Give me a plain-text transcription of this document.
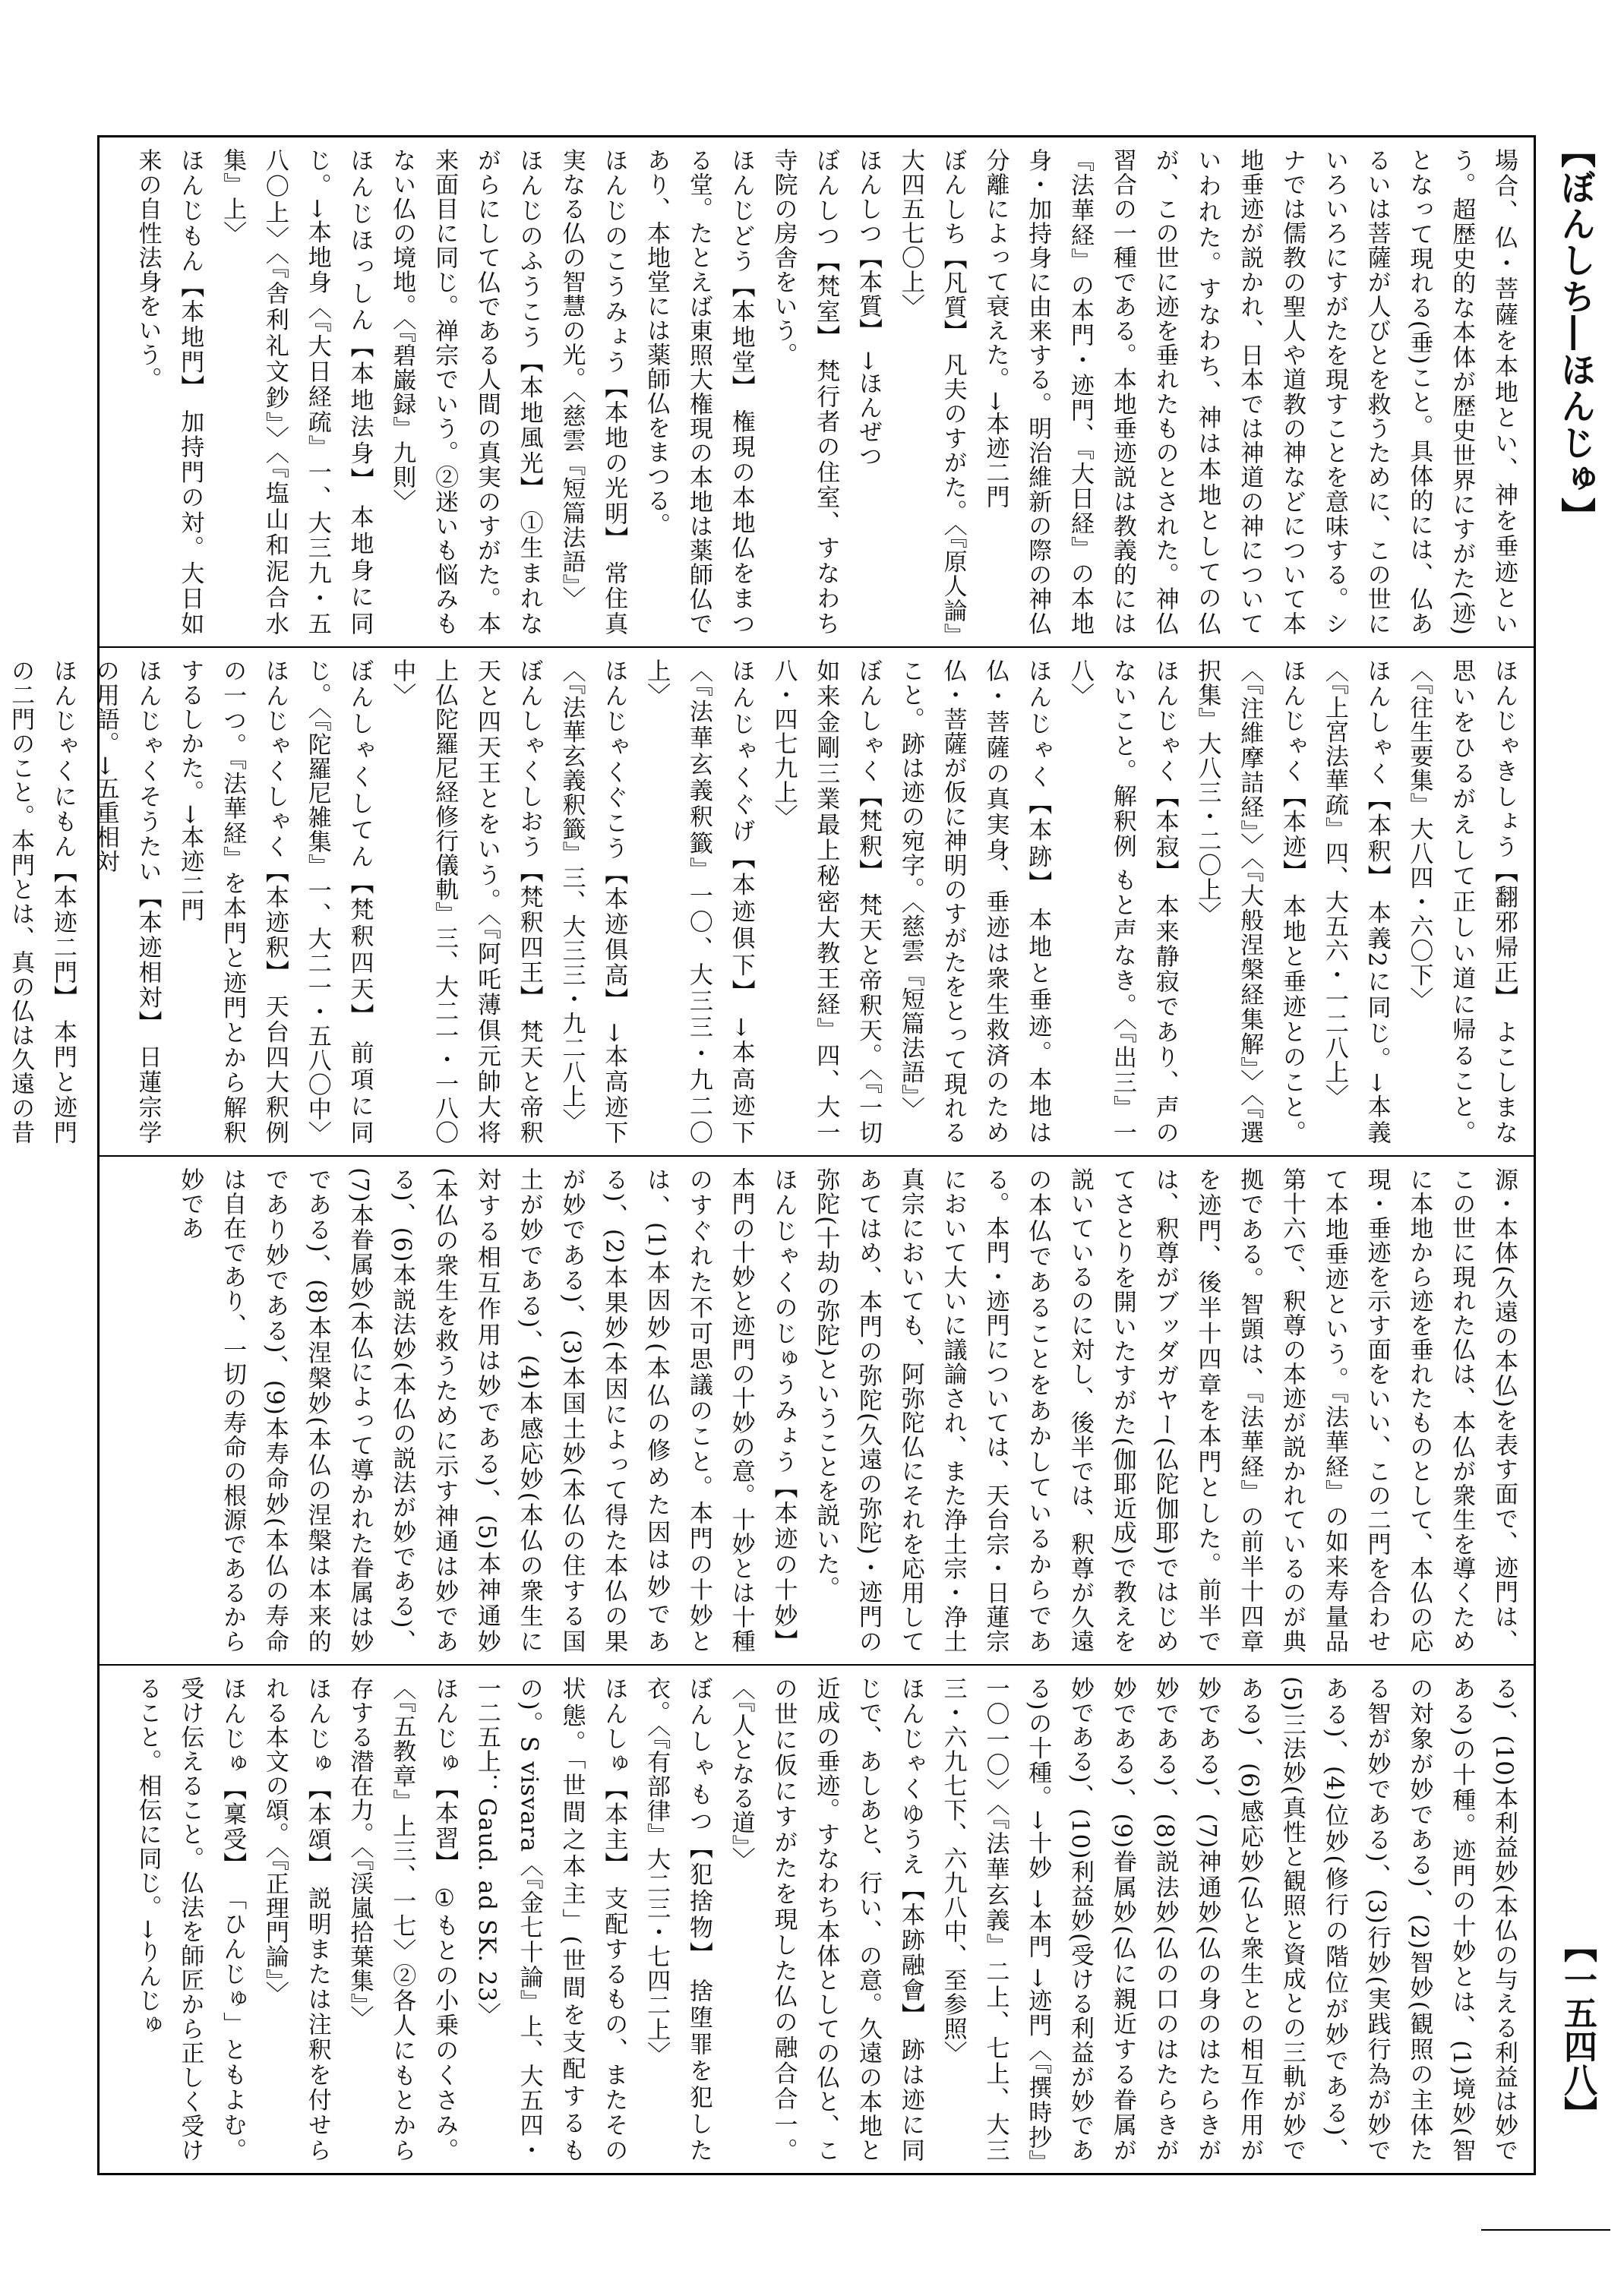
【ぼんしち―ほんじゅ】
【一五四八】
場合、仏・菩薩を本地とい、神を垂迹という。超歴史的な本体が歴史世界にすがた(迹)となって現れる(垂)こと。具体的には、仏あるいは菩薩が人びとを救うために、この世にいろいろにすがたを現すことを意味する。シナでは儒教の聖人や道教の神などについて本地垂迹が説かれ、日本では神道の神についていわれた。すなわち、神は本地としての仏が、この世に迹を垂れたものとされた。神仏習合の一種である。本地垂迹説は教義的には『法華経』の本門・迹門、『大日経』の本地身・加持身に由来する。明治維新の際の神仏分離によって衰えた。→本迹二門
ぼんしち【凡質】 凡夫のすがた。〈『原人論』大四五七〇上〉
ほんしつ【本質】 →ほんぜつ
ぼんしつ【梵室】 梵行者の住室、すなわち寺院の房舎をいう。
ほんじどう【本地堂】 権現の本地仏をまつる堂。たとえば東照大権現の本地は薬師仏であり、本地堂には薬師仏をまつる。
ほんじのこうみょう【本地の光明】 常住真実なる仏の智慧の光。〈慈雲『短篇法語』〉
ほんじのふうこう【本地風光】 ①生まれながらにして仏である人間の真実のすがた。本来面目に同じ。禅宗でいう。②迷いも悩みもない仏の境地。〈『碧巌録』九則〉
ほんじほっしん【本地法身】 本地身に同じ。→本地身〈『大日経疏』一、大三九・五八〇上〉〈『舎利礼文鈔』〉〈『塩山和泥合水集』上〉
ほんじもん【本地門】 加持門の対。大日如来の自性法身をいう。
ほんじゃきしょう【翻邪帰正】 よこしまな思いをひるがえして正しい道に帰ること。〈『往生要集』大八四・六〇下〉
ほんしゃく【本釈】 本義2に同じ。→本義〈『上宮法華疏』四、大五六・一二八上〉
ほんじゃく【本迹】 本地と垂迹とのこと。〈『注維摩詰経』〉〈『大般涅槃経集解』〉〈『選択集』大八三・二〇上〉
ほんじゃく【本寂】 本来静寂であり、声のないこと。解釈例 もと声なき。〈『出三』一八〉
ほんじゃく【本跡】 本地と垂迹。本地は仏・菩薩の真実身、垂迹は衆生救済のため仏・菩薩が仮に神明のすがたをとって現れること。跡は迹の宛字。〈慈雲『短篇法語』〉
ぼんしゃく【梵釈】 梵天と帝釈天。〈『一切如来金剛三業最上秘密大教王経』四、大一八・四七九上〉
ほんじゃくぐげ【本迹俱下】 →本高迹下〈『法華玄義釈籤』一〇、大三三・九二〇上〉
ほんじゃくぐこう【本迹俱高】 →本高迹下〈『法華玄義釈籤』三、大三三・九二八上〉
ぼんしゃくしおう【梵釈四王】 梵天と帝釈天と四天王とをいう。〈『阿吒薄俱元帥大将上仏陀羅尼経修行儀軌』三、大二一・一八〇中〉
ぼんしゃくしてん【梵釈四天】 前項に同じ。〈『陀羅尼雑集』一、大二一・五八〇中〉
ほんじゃくしゃく【本迹釈】 天台四大釈例の一つ。『法華経』を本門と迹門とから解釈するしかた。→本迹二門
ほんじゃくそうたい【本迹相対】 日蓮宗学の用語。→五重相対
ほんじゃくにもん【本迹二門】 本門と迹門の二門のこと。本門とは、真の仏は久遠の昔
源・本体(久遠の本仏)を表す面で、迹門は、この世に現れた仏は、本仏が衆生を導くために本地から迹を垂れたものとして、本仏の応現・垂迹を示す面をいい、この二門を合わせて本地垂迹という。『法華経』の如来寿量品第十六で、釈尊の本迹が説かれているのが典拠である。智顗は、『法華経』の前半十四章を迹門、後半十四章を本門とした。前半では、釈尊がブッダガヤー(仏陀伽耶)ではじめてさとりを開いたすがた(伽耶近成)で教えを説いているのに対し、後半では、釈尊が久遠の本仏であることをあかしているからである。本門・迹門については、天台宗・日蓮宗において大いに議論され、また浄土宗・浄土真宗においても、阿弥陀仏にそれを応用してあてはめ、本門の弥陀(久遠の弥陀)・迹門の弥陀(十劫の弥陀)ということを説いた。
ほんじゃくのじゅうみょう【本迹の十妙】 本門の十妙と迹門の十妙の意。十妙とは十種のすぐれた不可思議のこと。本門の十妙とは、(1)本因妙(本仏の修めた因は妙である)、(2)本果妙(本因によって得た本仏の果が妙である)、(3)本国土妙(本仏の住する国土が妙である)、(4)本感応妙(本仏の衆生に対する相互作用は妙である)、(5)本神通妙(本仏の衆生を救うために示す神通は妙である)、(6)本説法妙(本仏の説法が妙である)、(7)本眷属妙(本仏によって導かれた眷属は妙である)、(8)本涅槃妙(本仏の涅槃は本来的であり妙である)、(9)本寿命妙(本仏の寿命は自在であり、一切の寿命の根源であるから妙であ
る)、(10)本利益妙(本仏の与える利益は妙である)の十種。迹門の十妙とは、(1)境妙(智の対象が妙である)、(2)智妙(観照の主体たる智が妙である)、(3)行妙(実践行為が妙である)、(4)位妙(修行の階位が妙である)、(5)三法妙(真性と観照と資成との三軌が妙である)、(6)感応妙(仏と衆生との相互作用が妙である)、(7)神通妙(仏の身のはたらきが妙である)、(8)説法妙(仏の口のはたらきが妙である)、(9)眷属妙(仏に親近する眷属が妙である)、(10)利益妙(受ける利益が妙である)の十種。→十妙 →本門 →迹門〈『撰時抄』一〇一〇〉〈『法華玄義』二上、七上、大三三・六九七下、六九八中、至参照〉
ほんじゃくゆうえ【本跡融會】 跡は迹に同じで、あしあと、行い、の意。久遠の本地と近成の垂迹。すなわち本体としての仏と、この世に仮にすがたを現した仏の融合合一。〈『人となる道』〉
ぼんしゃもつ【犯捨物】 捨堕罪を犯した衣。〈『有部律』大二三・七四二上〉
ほんしゅ【本主】 支配するもの、またその状態。「世間之本主」(世間を支配するもの)。S visvara〈『金七十論』上、大五四・一二五上：Gaud. ad SK. 23〉
ほんじゅ【本習】 ①もとの小乗のくさみ。〈『五教章』上三、一七〉②各人にもとから存する潜在力。〈『渓嵐拾葉集』〉
ほんじゅ【本頌】 説明または注釈を付せられる本文の頌。〈『正理門論』〉
ほんじゅ【稟受】 「ひんじゅ」ともよむ。受け伝えること。仏法を師匠から正しく受けること。相伝に同じ。→りんじゅ
